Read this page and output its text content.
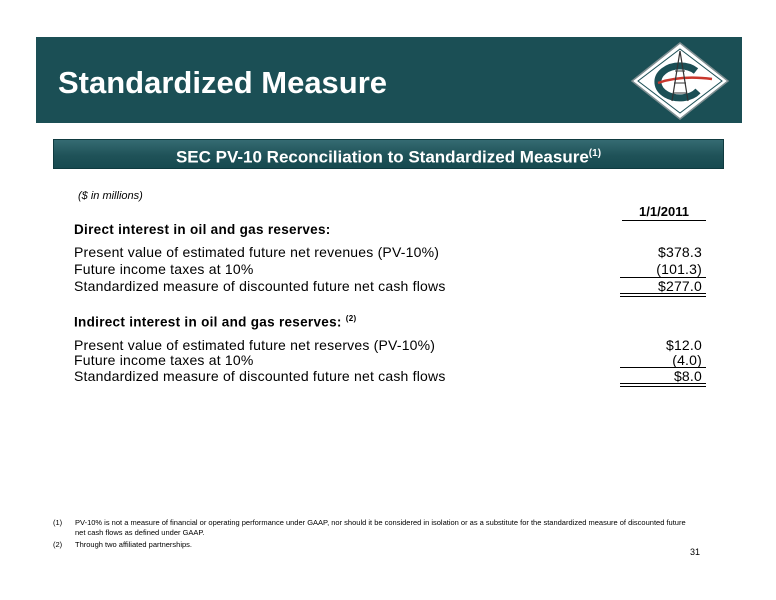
Standardized Measure
SEC PV-10 Reconciliation to Standardized Measure$^{(1)}$
($ in millions)
1/1/2011
Direct interest in oil and gas reserves:
Present value of estimated future net revenues (PV-10%)	$378.3
Future income taxes at 10%	(101.3)
Standardized measure of discounted future net cash flows	$277.0
Indirect interest in oil and gas reserves: $^{(2)}$
Present value of estimated future net reserves (PV-10%)	$12.0
Future income taxes at 10%	(4.0)
Standardized measure of discounted future net cash flows	$8.0
(1) PV-10% is not a measure of financial or operating performance under GAAP, nor should it be considered in isolation or as a substitute for the standardized measure of discounted future net cash flows as defined under GAAP.
(2) Through two affiliated partnerships.
31
